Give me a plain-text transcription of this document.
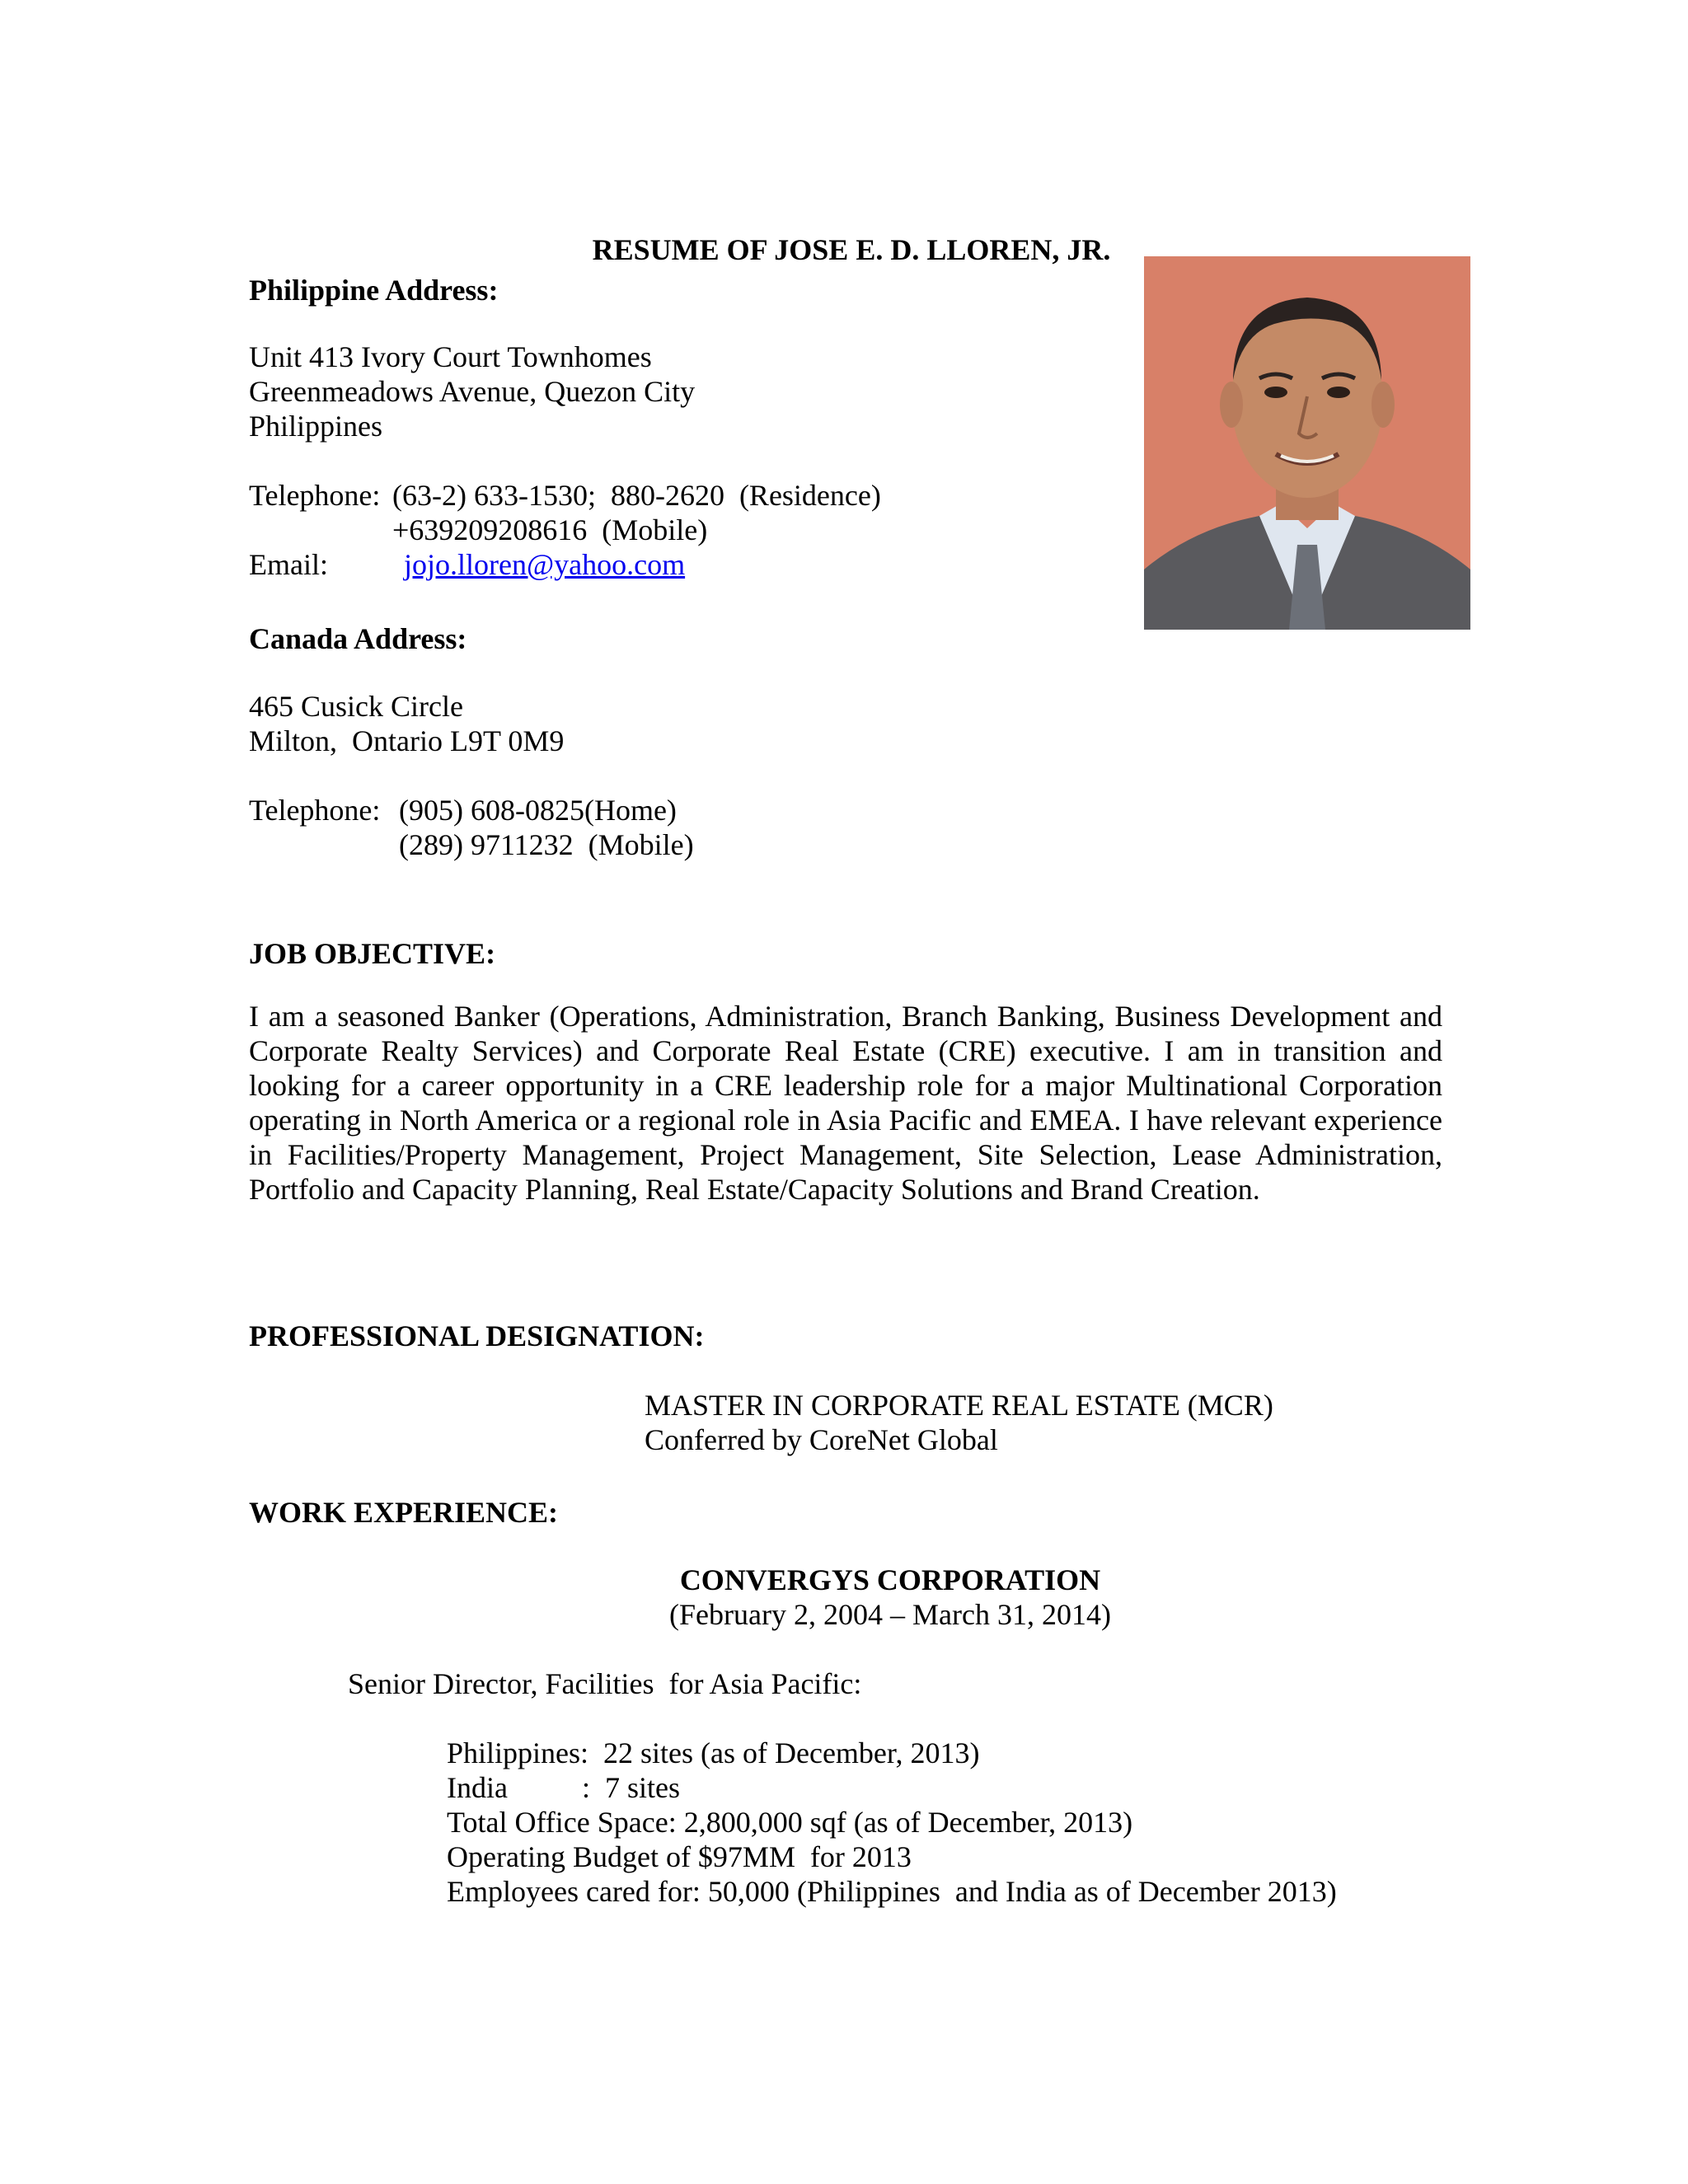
RESUME OF JOSE E. D. LLOREN, JR.

Philippine Address:
Unit 413 Ivory Court Townhomes
Greenmeadows Avenue, Quezon City
Philippines
Telephone: (63-2) 633-1530;  880-2620  (Residence)
+639209208616  (Mobile)
Email:	jojo.lloren@yahoo.com
Canada Address:
465 Cusick Circle
Milton,  Ontario L9T 0M9
Telephone: (905) 608-0825(Home)
(289) 9711232  (Mobile)
JOB OBJECTIVE:
I am a seasoned Banker (Operations, Administration, Branch Banking, Business Development and Corporate Realty Services) and Corporate Real Estate (CRE) executive. I am in transition and looking for a career opportunity in a CRE leadership role for a major Multinational Corporation operating in North America or a regional role in Asia Pacific and EMEA. I have relevant experience in Facilities/Property Management, Project Management, Site Selection, Lease Administration, Portfolio and Capacity Planning, Real Estate/Capacity Solutions and Brand Creation.
PROFESSIONAL DESIGNATION:
MASTER IN CORPORATE REAL ESTATE (MCR)
Conferred by CoreNet Global
WORK EXPERIENCE:
CONVERGYS CORPORATION
(February 2, 2004 – March 31, 2014)
Senior Director, Facilities  for Asia Pacific:
Philippines:  22 sites (as of December, 2013)
India          :  7 sites
Total Office Space: 2,800,000 sqf (as of December, 2013)
Operating Budget of $97MM  for 2013
Employees cared for: 50,000 (Philippines  and India as of December 2013)
